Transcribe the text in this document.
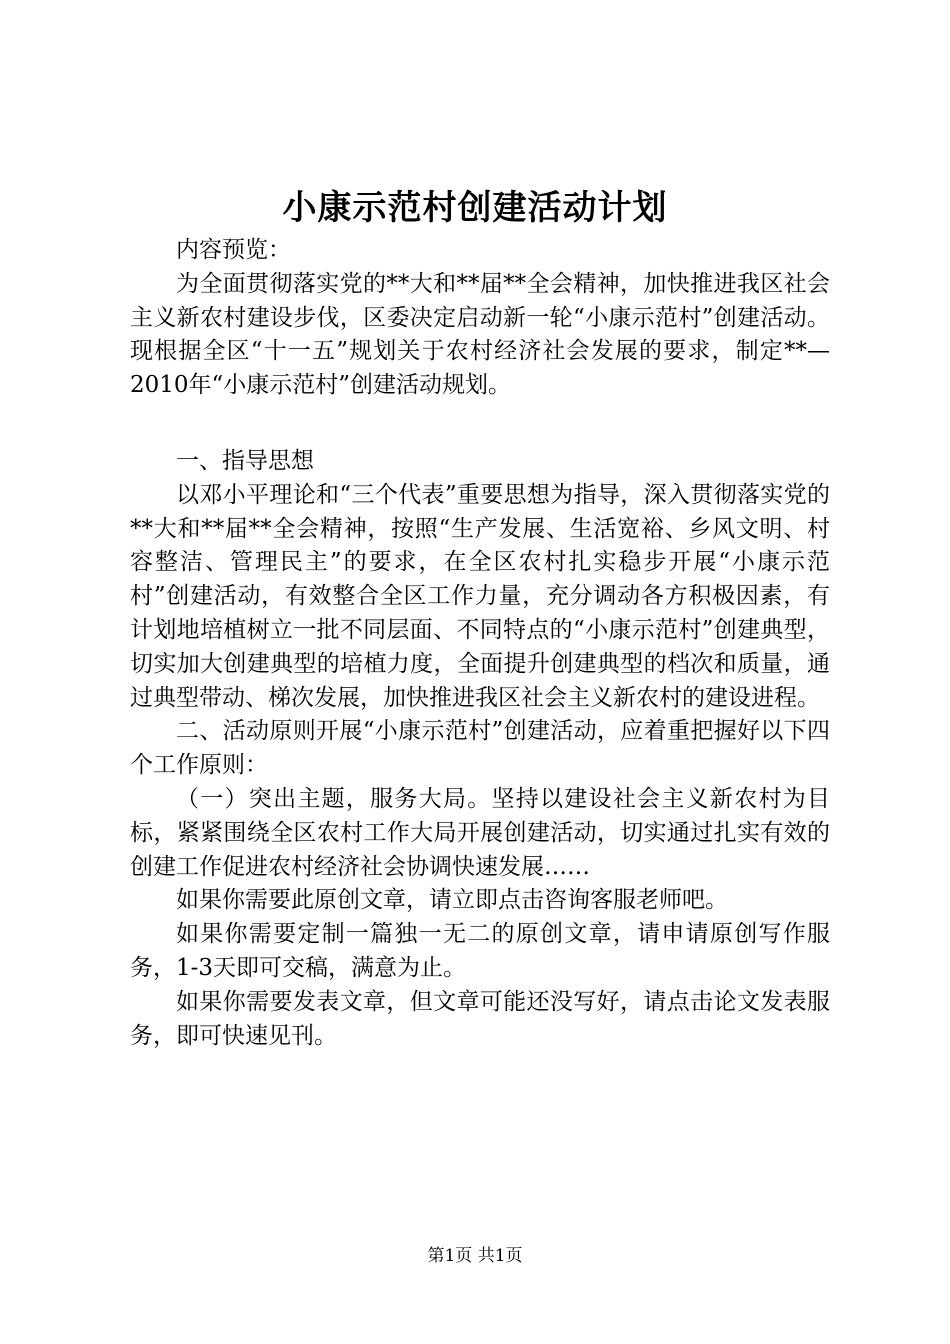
小康示范村创建活动计划

内容预览：

为全面贯彻落实党的**大和**届**全会精神，加快推进我区社会主义新农村建设步伐，区委决定启动新一轮“小康示范村”创建活动。现根据全区“十一五”规划关于农村经济社会发展的要求，制定**—2010年“小康示范村”创建活动规划。

一、指导思想

以邓小平理论和“三个代表”重要思想为指导，深入贯彻落实党的**大和**届**全会精神，按照“生产发展、生活宽裕、乡风文明、村容整洁、管理民主”的要求，在全区农村扎实稳步开展“小康示范村”创建活动，有效整合全区工作力量，充分调动各方积极因素，有计划地培植树立一批不同层面、不同特点的“小康示范村”创建典型，切实加大创建典型的培植力度，全面提升创建典型的档次和质量，通过典型带动、梯次发展，加快推进我区社会主义新农村的建设进程。

二、活动原则开展“小康示范村”创建活动，应着重把握好以下四个工作原则：

（一）突出主题，服务大局。坚持以建设社会主义新农村为目标，紧紧围绕全区农村工作大局开展创建活动，切实通过扎实有效的创建工作促进农村经济社会协调快速发展……

如果你需要此原创文章，请立即点击咨询客服老师吧。

如果你需要定制一篇独一无二的原创文章，请申请原创写作服务，1-3天即可交稿，满意为止。

如果你需要发表文章，但文章可能还没写好，请点击论文发表服务，即可快速见刊。

第1页 共1页
